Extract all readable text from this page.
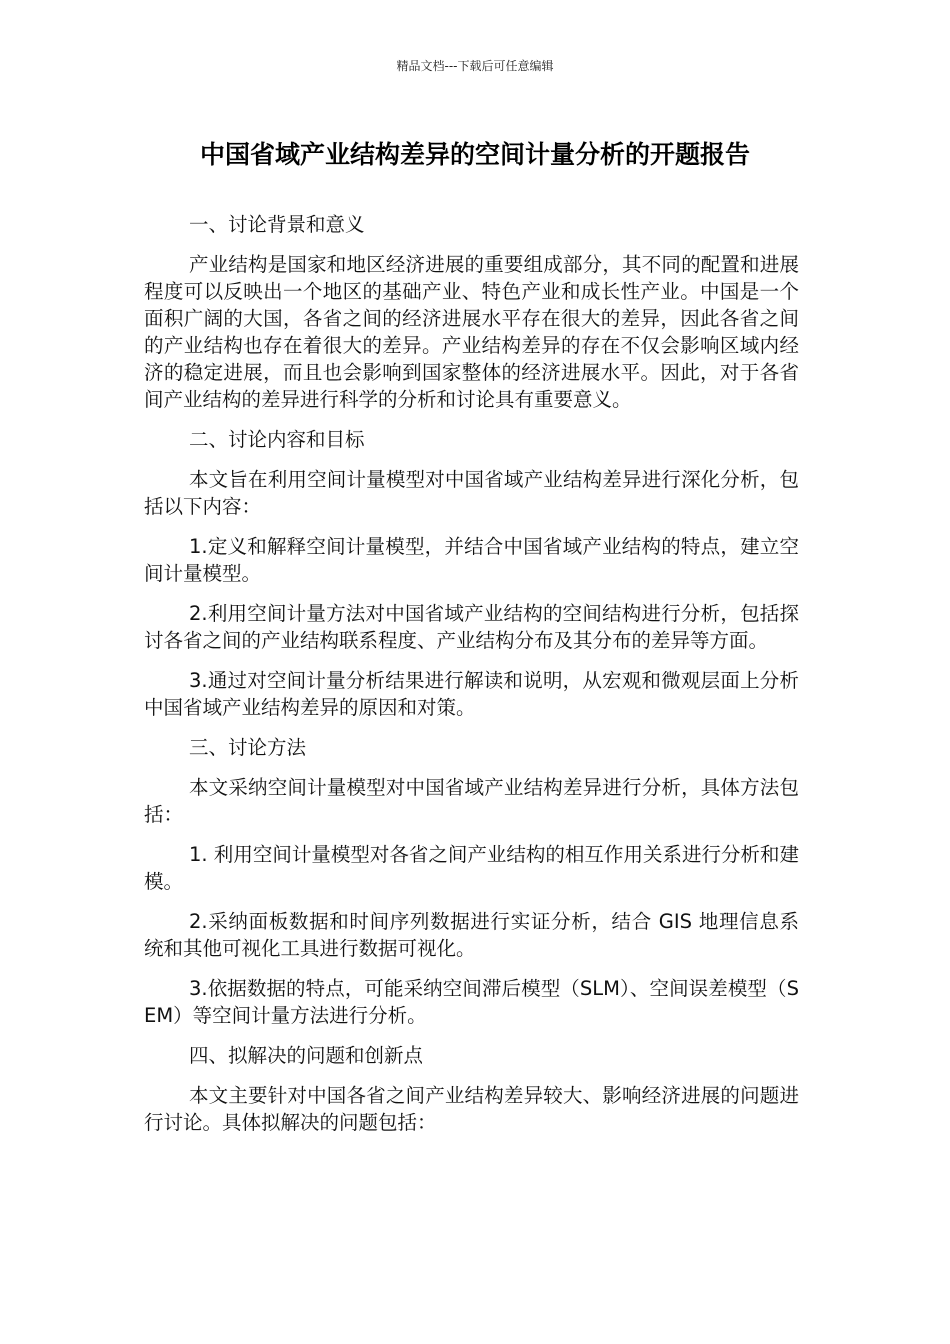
精品文档---下载后可任意编辑
中国省域产业结构差异的空间计量分析的开题报告

一、讨论背景和意义

产业结构是国家和地区经济进展的重要组成部分，其不同的配置和进展程度可以反映出一个地区的基础产业、特色产业和成长性产业。中国是一个面积广阔的大国，各省之间的经济进展水平存在很大的差异，因此各省之间的产业结构也存在着很大的差异。产业结构差异的存在不仅会影响区域内经济的稳定进展，而且也会影响到国家整体的经济进展水平。因此，对于各省间产业结构的差异进行科学的分析和讨论具有重要意义。

二、讨论内容和目标

本文旨在利用空间计量模型对中国省域产业结构差异进行深化分析，包括以下内容：

1.定义和解释空间计量模型，并结合中国省域产业结构的特点，建立空间计量模型。

2.利用空间计量方法对中国省域产业结构的空间结构进行分析，包括探讨各省之间的产业结构联系程度、产业结构分布及其分布的差异等方面。

3.通过对空间计量分析结果进行解读和说明，从宏观和微观层面上分析中国省域产业结构差异的原因和对策。

三、讨论方法

本文采纳空间计量模型对中国省域产业结构差异进行分析，具体方法包括：

1. 利用空间计量模型对各省之间产业结构的相互作用关系进行分析和建模。

2.采纳面板数据和时间序列数据进行实证分析，结合 GIS 地理信息系统和其他可视化工具进行数据可视化。

3.依据数据的特点，可能采纳空间滞后模型（SLM）、空间误差模型（SEM）等空间计量方法进行分析。

四、拟解决的问题和创新点

本文主要针对中国各省之间产业结构差异较大、影响经济进展的问题进行讨论。具体拟解决的问题包括：
